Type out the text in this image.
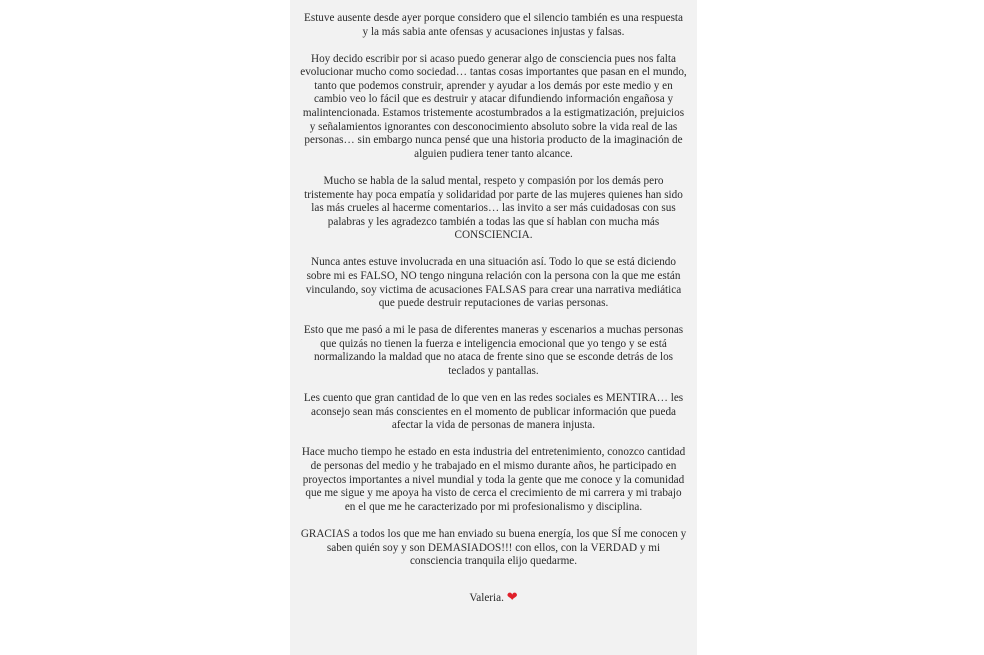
Estuve ausente desde ayer porque considero que el silencio también es una respuesta y la más sabia ante ofensas y acusaciones injustas y falsas.

Hoy decido escribir por si acaso puedo generar algo de consciencia pues nos falta evolucionar mucho como sociedad… tantas cosas importantes que pasan en el mundo, tanto que podemos construir, aprender y ayudar a los demás por este medio y en cambio veo lo fácil que es destruir y atacar difundiendo información engañosa y malintencionada. Estamos tristemente acostumbrados a la estigmatización, prejuicios y señalamientos ignorantes con desconocimiento absoluto sobre la vida real de las personas… sin embargo nunca pensé que una historia producto de la imaginación de alguien pudiera tener tanto alcance.

Mucho se habla de la salud mental, respeto y compasión por los demás pero tristemente hay poca empatía y solidaridad por parte de las mujeres quienes han sido las más crueles al hacerme comentarios… las invito a ser más cuidadosas con sus palabras y les agradezco también a todas las que sí hablan con mucha más CONSCIENCIA.

Nunca antes estuve involucrada en una situación así. Todo lo que se está diciendo sobre mi es FALSO, NO tengo ninguna relación con la persona con la que me están vinculando, soy victima de acusaciones FALSAS para crear una narrativa mediática que puede destruir reputaciones de varias personas.

Esto que me pasó a mi le pasa de diferentes maneras y escenarios a muchas personas que quizás no tienen la fuerza e inteligencia emocional que yo tengo y se está normalizando la maldad que no ataca de frente sino que se esconde detrás de los teclados y pantallas.

Les cuento que gran cantidad de lo que ven en las redes sociales es MENTIRA… les aconsejo sean más conscientes en el momento de publicar información que pueda afectar la vida de personas de manera injusta.

Hace mucho tiempo he estado en esta industria del entretenimiento, conozco cantidad de personas del medio y he trabajado en el mismo durante años, he participado en proyectos importantes a nivel mundial y toda la gente que me conoce y la comunidad que me sigue y me apoya ha visto de cerca el crecimiento de mi carrera y mi trabajo en el que me he caracterizado por mi profesionalismo y disciplina.

GRACIAS a todos los que me han enviado su buena energía, los que SÍ me conocen y saben quién soy y son DEMASIADOS!!! con ellos, con la VERDAD y mi consciencia tranquila elijo quedarme.

Valeria. ❤
